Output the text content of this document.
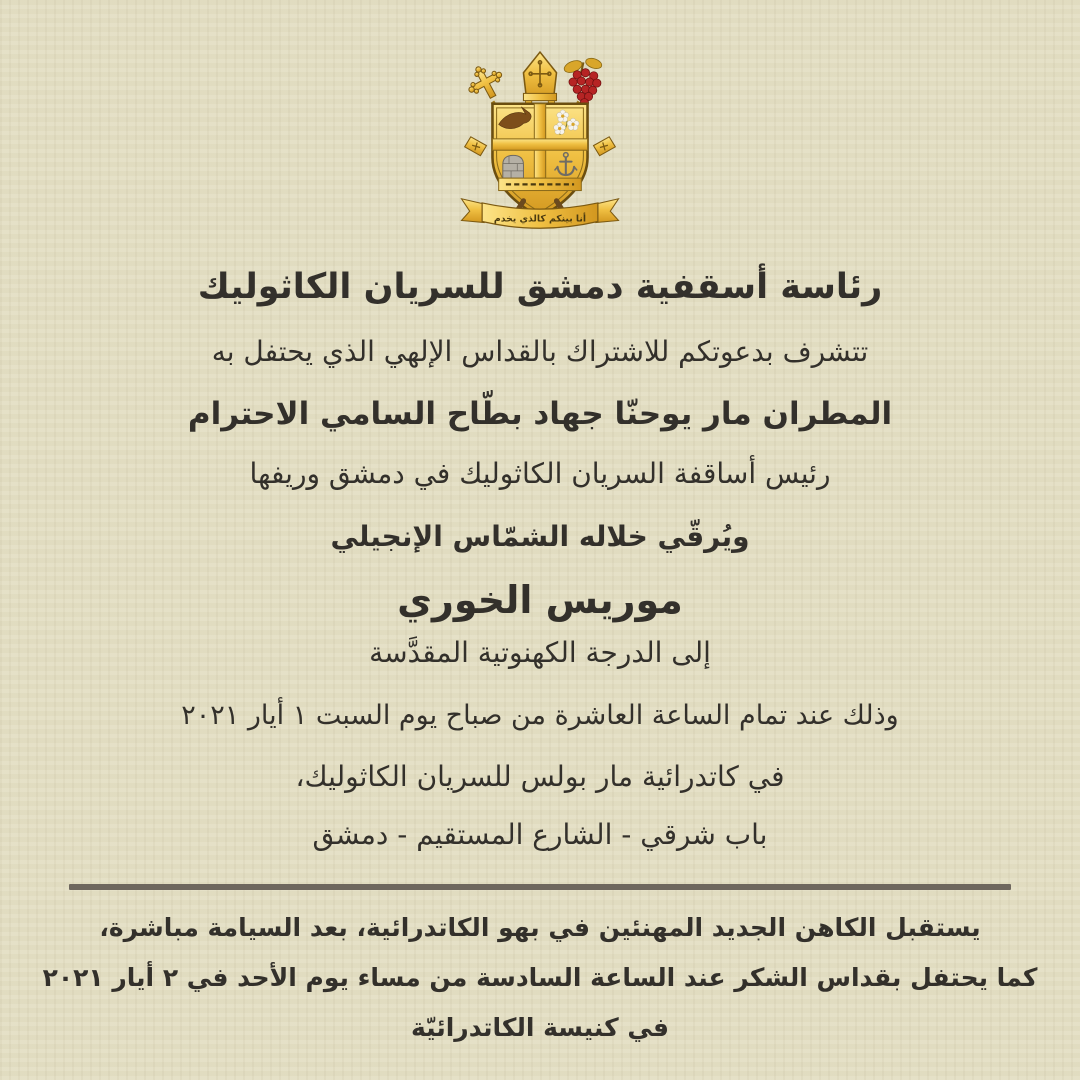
أنا بينكم كالذي يخدم
رئاسة أسقفية دمشق للسريان الكاثوليك
تتشرف بدعوتكم للاشتراك بالقداس الإلهي الذي يحتفل به
المطران مار يوحنّا جهاد بطّاح السامي الاحترام
رئيس أساقفة السريان الكاثوليك في دمشق وريفها
ويُرقّي خلاله الشمّاس الإنجيلي
موريس الخوري
إلى الدرجة الكهنوتية المقدَّسة
وذلك عند تمام الساعة العاشرة من صباح يوم السبت ١ أيار ٢٠٢١
في كاتدرائية مار بولس للسريان الكاثوليك،
باب شرقي - الشارع المستقيم - دمشق
يستقبل الكاهن الجديد المهنئين في بهو الكاتدرائية، بعد السيامة مباشرة،
كما يحتفل بقداس الشكر عند الساعة السادسة من مساء يوم الأحد في ٢ أيار ٢٠٢١
في كنيسة الكاتدرائيّة
